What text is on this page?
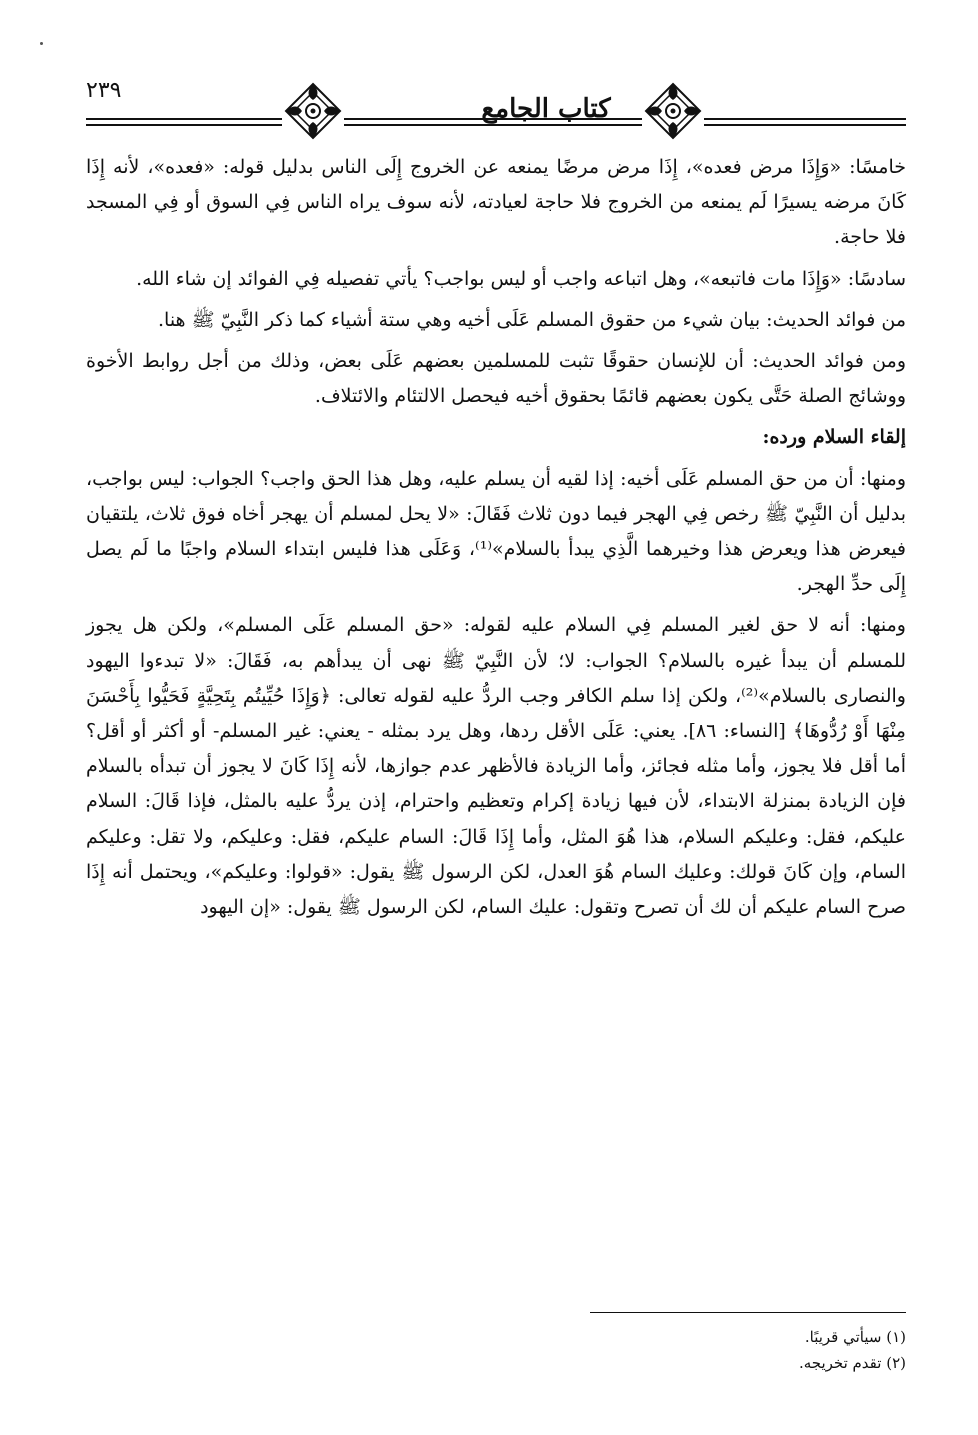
٢٣٩
كتاب الجامع

خامسًا: «وَإِذَا مرض فعده»، إِذَا مرض مرضًا يمنعه عن الخروج إِلَى الناس بدليل قوله: «فعده»، لأنه إِذَا كَانَ مرضه يسيرًا لَم يمنعه من الخروج فلا حاجة لعيادته، لأنه سوف يراه الناس فِي السوق أو فِي المسجد فلا حاجة.

سادسًا: «وَإِذَا مات فاتبعه»، وهل اتباعه واجب أو ليس بواجب؟ يأتي تفصيله فِي الفوائد إن شاء الله.

من فوائد الحديث: بيان شيء من حقوق المسلم عَلَى أخيه وهي ستة أشياء كما ذكر النَّبِيّ ﷺ هنا.

ومن فوائد الحديث: أن للإنسان حقوقًا تثبت للمسلمين بعضهم عَلَى بعض، وذلك من أجل روابط الأخوة ووشائج الصلة حَتَّى يكون بعضهم قائمًا بحقوق أخيه فيحصل الالتئام والائتلاف.

إلقاء السلام ورده:

ومنها: أن من حق المسلم عَلَى أخيه: إذا لقيه أن يسلم عليه، وهل هذا الحق واجب؟ الجواب: ليس بواجب، بدليل أن النَّبِيّ ﷺ رخص فِي الهجر فيما دون ثلاث فَقَالَ: «لا يحل لمسلم أن يهجر أخاه فوق ثلاث، يلتقيان فيعرض هذا ويعرض هذا وخيرهما الَّذِي يبدأ بالسلام»⁽¹⁾، وَعَلَى هذا فليس ابتداء السلام واجبًا ما لَم يصل إِلَى حدِّ الهجر.

ومنها: أنه لا حق لغير المسلم فِي السلام عليه لقوله: «حق المسلم عَلَى المسلم»، ولكن هل يجوز للمسلم أن يبدأ غيره بالسلام؟ الجواب: لا؛ لأن النَّبِيّ ﷺ نهى أن يبدأهم به، فَقَالَ: «لا تبدءوا اليهود والنصارى بالسلام»⁽²⁾، ولكن إذا سلم الكافر وجب الردُّ عليه لقوله تعالى: ﴿وَإِذَا حُيِّيتُم بِتَحِيَّةٍ فَحَيُّوا بِأَحْسَنَ مِنْهَا أَوْ رُدُّوهَا﴾ [النساء: ٨٦]. يعني: عَلَى الأقل ردها، وهل يرد بمثله - يعني: غير المسلم- أو أكثر أو أقل؟ أما أقل فلا يجوز، وأما مثله فجائز، وأما الزيادة فالأظهر عدم جوازها، لأنه إِذَا كَانَ لا يجوز أن تبدأه بالسلام فإن الزيادة بمنزلة الابتداء، لأن فيها زيادة إكرام وتعظيم واحترام، إذن يردُّ عليه بالمثل، فإذا قَالَ: السلام عليكم، فقل: وعليكم السلام، هذا هُوَ المثل، وأما إِذَا قَالَ: السام عليكم، فقل: وعليكم، ولا تقل: وعليكم السام، وإن كَانَ قولك: وعليك السام هُوَ العدل، لكن الرسول ﷺ يقول: «قولوا: وعليكم»، ويحتمل أنه إِذَا صرح السام عليكم أن لك أن تصرح وتقول: عليك السام، لكن الرسول ﷺ يقول: «إن اليهود

(١) سيأتي قريبًا.
(٢) تقدم تخريجه.
